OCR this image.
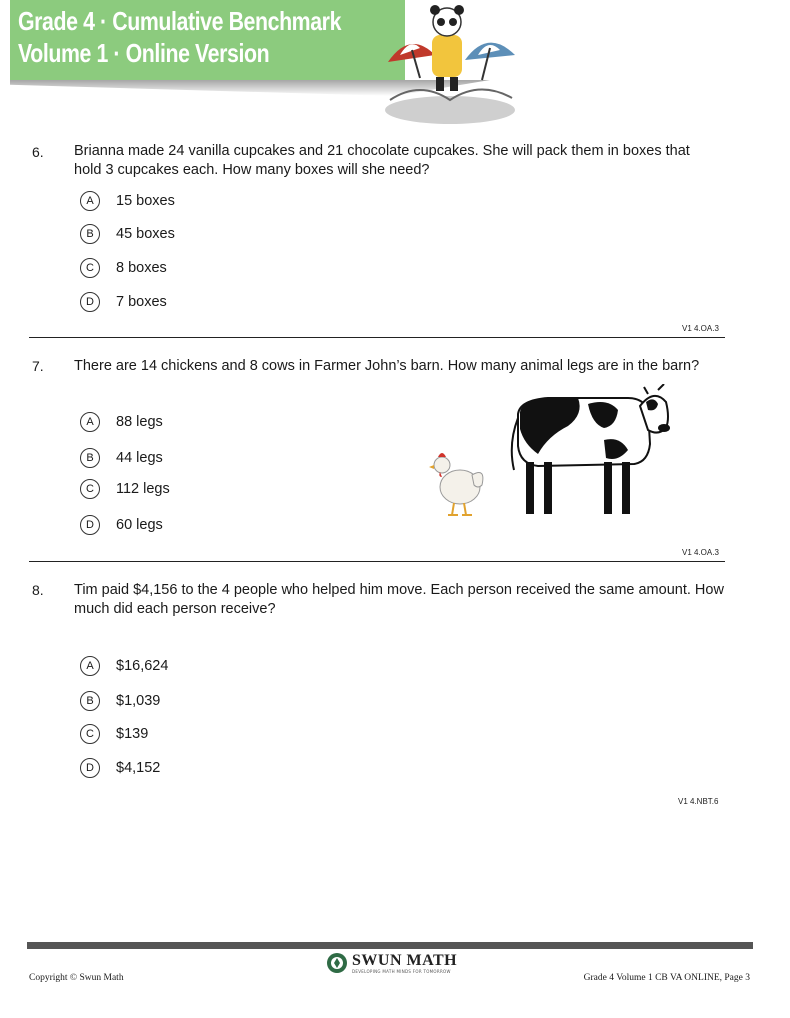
Grade 4 · Cumulative Benchmark
Volume 1 · Online Version
6. Brianna made 24 vanilla cupcakes and 21 chocolate cupcakes. She will pack them in boxes that hold 3 cupcakes each. How many boxes will she need?
A	15 boxes
B	45 boxes
C	8 boxes
D	7 boxes
V1 4.OA.3
7. There are 14 chickens and 8 cows in Farmer John’s barn. How many animal legs are in the barn?
A	88 legs
B	44 legs
C	112 legs
D	60 legs
V1 4.OA.3
8. Tim paid $4,156 to the 4 people who helped him move. Each person received the same amount. How much did each person receive?
A	$16,624
B	$1,039
C	$139
D	$4,152
V1 4.NBT.6
SWUN MATH
DEVELOPING MATH MINDS FOR TOMORROW
Copyright © Swun Math	Grade 4 Volume 1 CB VA ONLINE, Page 3
